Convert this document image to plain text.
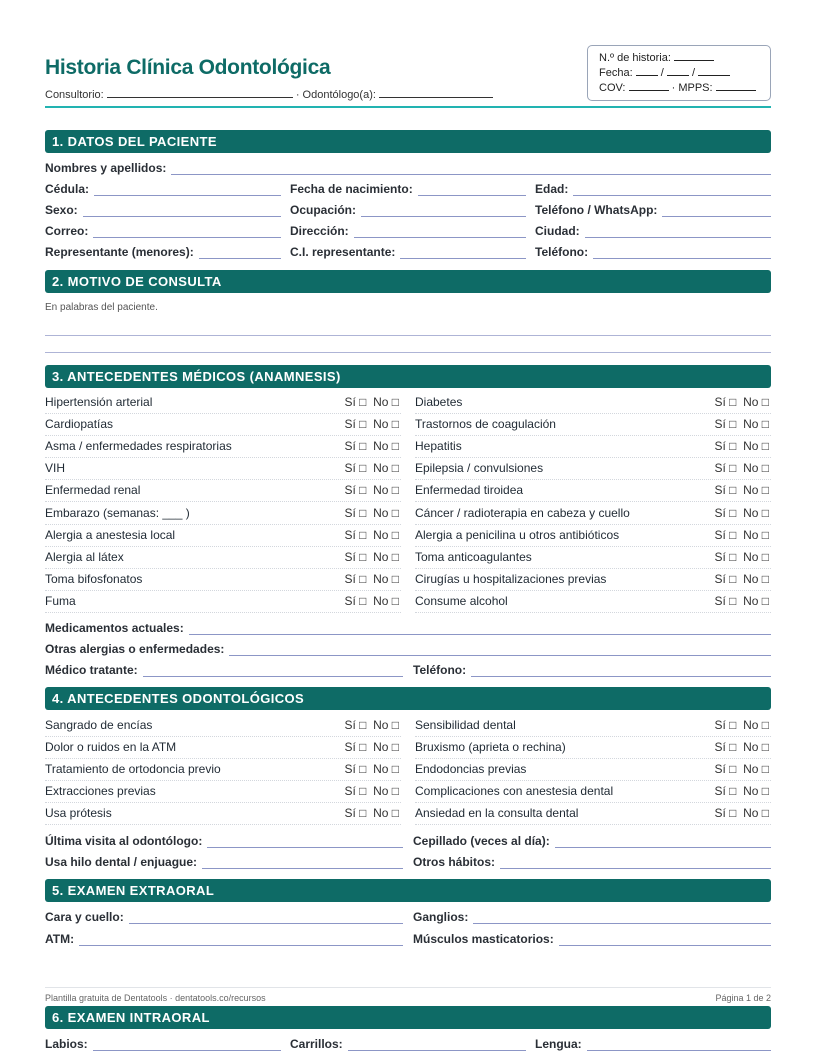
Historia Clínica Odontológica
Consultorio:	· Odontólogo(a):
N.º de historia:
Fecha:	/	/
COV:	· MPPS:
1. DATOS DEL PACIENTE
Nombres y apellidos:
Cédula:	Fecha de nacimiento:	Edad:
Sexo:	Ocupación:	Teléfono / WhatsApp:
Correo:	Dirección:	Ciudad:
Representante (menores):	C.I. representante:	Teléfono:
2. MOTIVO DE CONSULTA
En palabras del paciente.
3. ANTECEDENTES MÉDICOS (ANAMNESIS)
Hipertensión arterial	Sí □ No □
Cardiopatías	Sí □ No □
Asma / enfermedades respiratorias	Sí □ No □
VIH	Sí □ No □
Enfermedad renal	Sí □ No □
Embarazo (semanas: ___ )	Sí □ No □
Alergia a anestesia local	Sí □ No □
Alergia al látex	Sí □ No □
Toma bifosfonatos	Sí □ No □
Fuma	Sí □ No □
Diabetes	Sí □ No □
Trastornos de coagulación	Sí □ No □
Hepatitis	Sí □ No □
Epilepsia / convulsiones	Sí □ No □
Enfermedad tiroidea	Sí □ No □
Cáncer / radioterapia en cabeza y cuello	Sí □ No □
Alergia a penicilina u otros antibióticos	Sí □ No □
Toma anticoagulantes	Sí □ No □
Cirugías u hospitalizaciones previas	Sí □ No □
Consume alcohol	Sí □ No □
Medicamentos actuales:
Otras alergias o enfermedades:
Médico tratante:	Teléfono:
4. ANTECEDENTES ODONTOLÓGICOS
Sangrado de encías	Sí □ No □
Dolor o ruidos en la ATM	Sí □ No □
Tratamiento de ortodoncia previo	Sí □ No □
Extracciones previas	Sí □ No □
Usa prótesis	Sí □ No □
Sensibilidad dental	Sí □ No □
Bruxismo (aprieta o rechina)	Sí □ No □
Endodoncias previas	Sí □ No □
Complicaciones con anestesia dental	Sí □ No □
Ansiedad en la consulta dental	Sí □ No □
Última visita al odontólogo:	Cepillado (veces al día):
Usa hilo dental / enjuague:	Otros hábitos:
5. EXAMEN EXTRAORAL
Cara y cuello:	Ganglios:
ATM:	Músculos masticatorios:
Plantilla gratuita de Dentatools · dentatools.co/recursos	Página 1 de 2
6. EXAMEN INTRAORAL
Labios:	Carrillos:	Lengua:
